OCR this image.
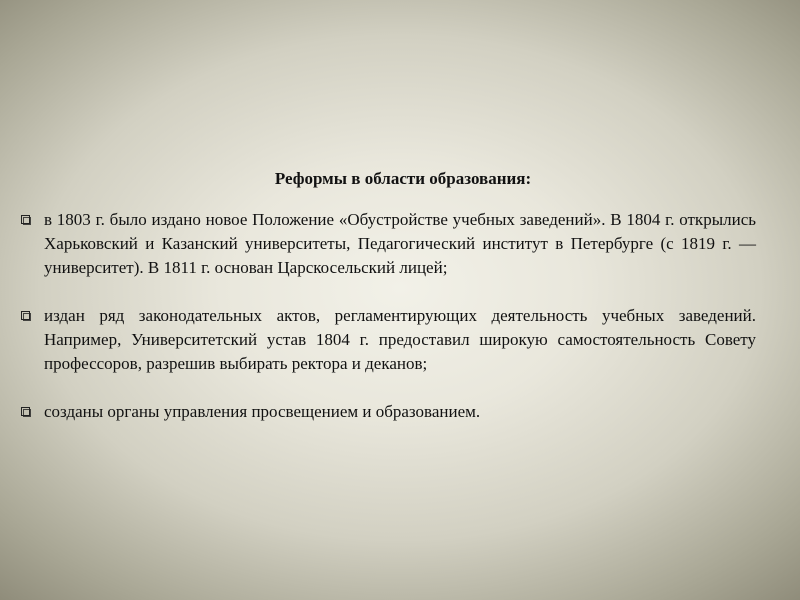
Реформы в области образования:
в 1803 г. было издано новое Положение «Обустройстве учебных заведений». В 1804 г. открылись Харьковский и Казанский университеты, Педагогический институт в Петербурге (с 1819 г. — университет). В 1811 г. основан Царскосельский лицей;
издан ряд законодательных актов, регламентирующих деятельность учебных заведений. Например, Университетский устав 1804 г. предоставил широкую самостоятельность Совету профессоров, разрешив выбирать ректора и деканов;
созданы органы управления просвещением и образованием.
